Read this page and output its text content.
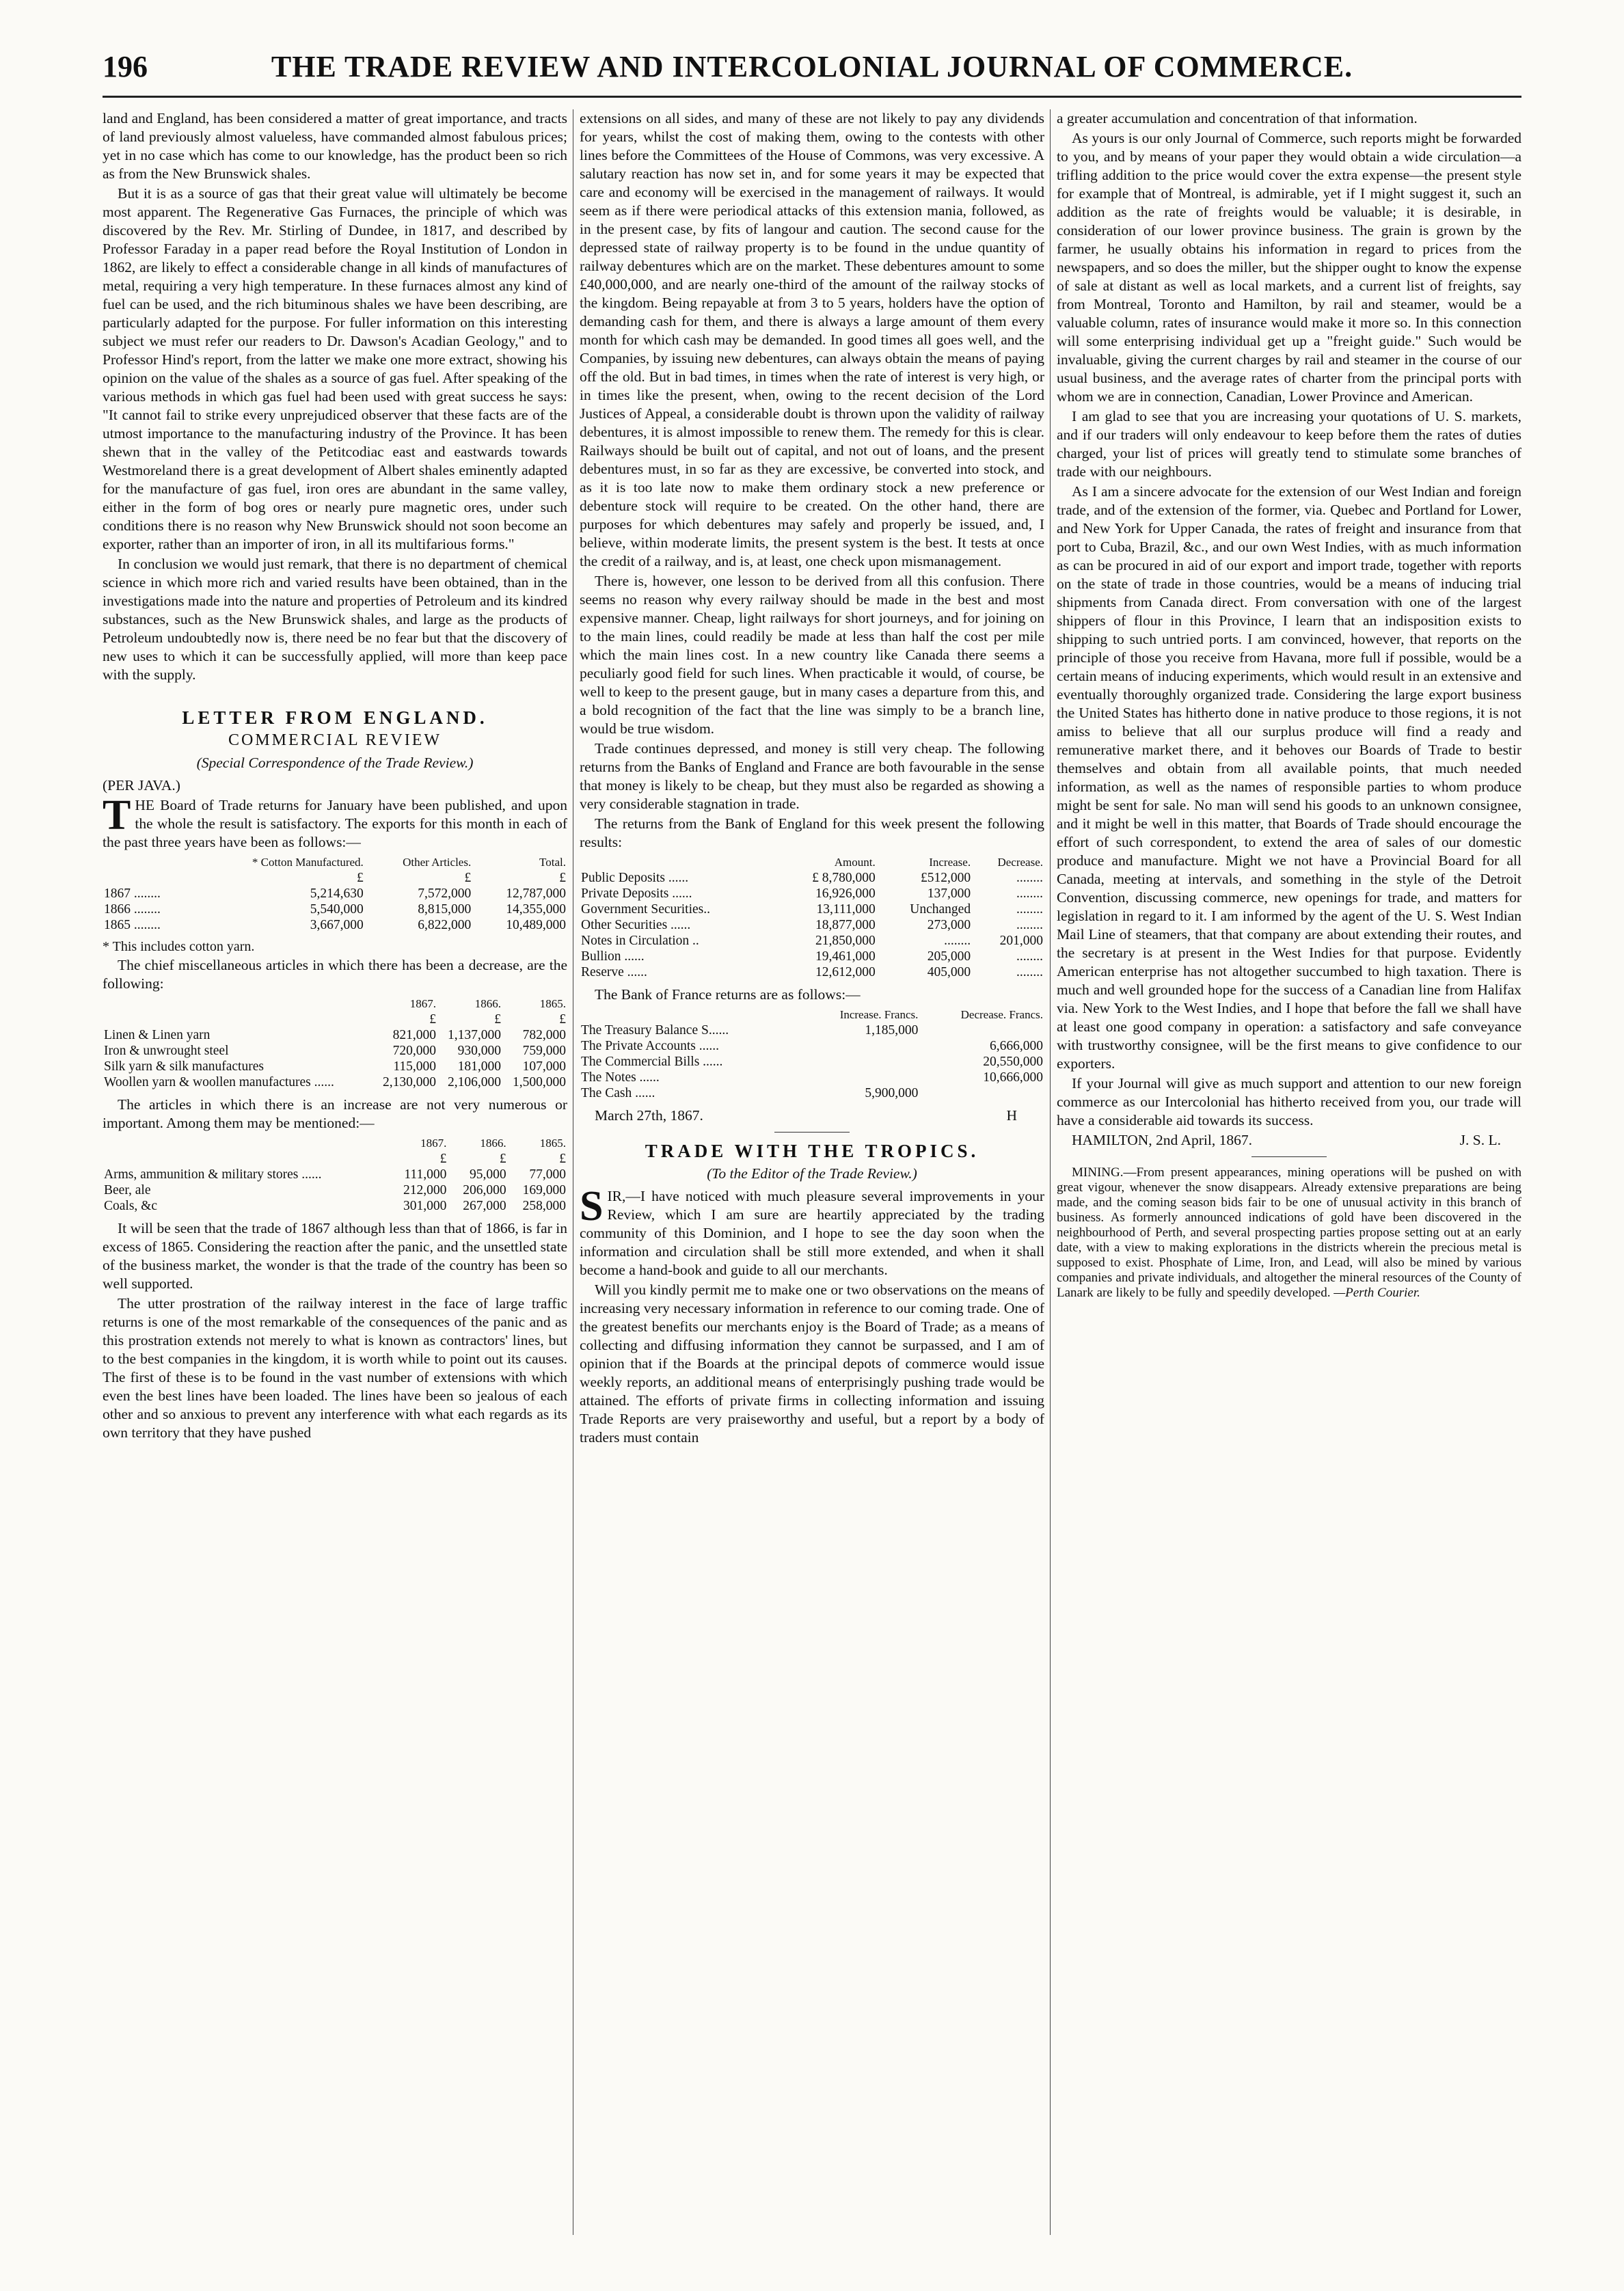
196	THE TRADE REVIEW AND INTERCOLONIAL JOURNAL OF COMMERCE.

land and England, has been considered a matter of great importance, and tracts of land previously almost valueless, have commanded almost fabulous prices; yet in no case which has come to our knowledge, has the product been so rich as from the New Brunswick shales.

But it is as a source of gas that their great value will ultimately be become most apparent. The Regenerative Gas Furnaces, the principle of which was discovered by the Rev. Mr. Stirling of Dundee, in 1817, and described by Professor Faraday in a paper read before the Royal Institution of London in 1862, are likely to effect a considerable change in all kinds of manufactures of metal, requiring a very high temperature. In these furnaces almost any kind of fuel can be used, and the rich bituminous shales we have been describing, are particularly adapted for the purpose. For fuller information on this interesting subject we must refer our readers to Dr. Dawson's Acadian Geology," and to Professor Hind's report, from the latter we make one more extract, showing his opinion on the value of the shales as a source of gas fuel. After speaking of the various methods in which gas fuel had been used with great success he says: "It cannot fail to strike every unprejudiced observer that these facts are of the utmost importance to the manufacturing industry of the Province. It has been shewn that in the valley of the Petitcodiac east and eastwards towards Westmoreland there is a great development of Albert shales eminently adapted for the manufacture of gas fuel, iron ores are abundant in the same valley, either in the form of bog ores or nearly pure magnetic ores, under such conditions there is no reason why New Brunswick should not soon become an exporter, rather than an importer of iron, in all its multifarious forms."

In conclusion we would just remark, that there is no department of chemical science in which more rich and varied results have been obtained, than in the investigations made into the nature and properties of Petroleum and its kindred substances, such as the New Brunswick shales, and large as the products of Petroleum undoubtedly now is, there need be no fear but that the discovery of new uses to which it can be successfully applied, will more than keep pace with the supply.

LETTER FROM ENGLAND.
COMMERCIAL REVIEW
(Special Correspondence of the Trade Review.)

(PER JAVA.)

THE Board of Trade returns for January have been published, and upon the whole the result is satisfactory. The exports for this month in each of the past three years have been as follows:—

	* Cotton Manufactured.	Other Articles.	Total.
	£	£	£
1867 ........	5,214,630	7,572,000	12,787,000
1866 ........	5,540,000	8,815,000	14,355,000
1865 ........	3,667,000	6,822,000	10,489,000

* This includes cotton yarn.

The chief miscellaneous articles in which there has been a decrease, are the following:

	1867.	1866.	1865.
	£	£	£
Linen & Linen yarn	821,000	1,137,000	782,000
Iron & unwrought steel	720,000	930,000	759,000
Silk yarn & silk manufactures	115,000	181,000	107,000
Woollen yarn & woollen manufactures ......	2,130,000	2,106,000	1,500,000

The articles in which there is an increase are not very numerous or important. Among them may be mentioned:—

	1867.	1866.	1865.
	£	£	£
Arms, ammunition & military stores ......	111,000	95,000	77,000
Beer, ale	212,000	206,000	169,000
Coals, &c	301,000	267,000	258,000

It will be seen that the trade of 1867 although less than that of 1866, is far in excess of 1865. Considering the reaction after the panic, and the unsettled state of the business market, the wonder is that the trade of the country has been so well supported.

The utter prostration of the railway interest in the face of large traffic returns is one of the most remarkable of the consequences of the panic and as this prostration extends not merely to what is known as contractors' lines, but to the best companies in the kingdom, it is worth while to point out its causes. The first of these is to be found in the vast number of extensions with which even the best lines have been loaded. The lines have been so jealous of each other and so anxious to prevent any interference with what each regards as its own territory that they have pushed

extensions on all sides, and many of these are not likely to pay any dividends for years, whilst the cost of making them, owing to the contests with other lines before the Committees of the House of Commons, was very excessive. A salutary reaction has now set in, and for some years it may be expected that care and economy will be exercised in the management of railways. It would seem as if there were periodical attacks of this extension mania, followed, as in the present case, by fits of langour and caution. The second cause for the depressed state of railway property is to be found in the undue quantity of railway debentures which are on the market. These debentures amount to some £40,000,000, and are nearly one-third of the amount of the railway stocks of the kingdom. Being repayable at from 3 to 5 years, holders have the option of demanding cash for them, and there is always a large amount of them every month for which cash may be demanded. In good times all goes well, and the Companies, by issuing new debentures, can always obtain the means of paying off the old. But in bad times, in times when the rate of interest is very high, or in times like the present, when, owing to the recent decision of the Lord Justices of Appeal, a considerable doubt is thrown upon the validity of railway debentures, it is almost impossible to renew them. The remedy for this is clear. Railways should be built out of capital, and not out of loans, and the present debentures must, in so far as they are excessive, be converted into stock, and as it is too late now to make them ordinary stock a new preference or debenture stock will require to be created. On the other hand, there are purposes for which debentures may safely and properly be issued, and, I believe, within moderate limits, the present system is the best. It tests at once the credit of a railway, and is, at least, one check upon mismanagement.

There is, however, one lesson to be derived from all this confusion. There seems no reason why every railway should be made in the best and most expensive manner. Cheap, light railways for short journeys, and for joining on to the main lines, could readily be made at less than half the cost per mile which the main lines cost. In a new country like Canada there seems a peculiarly good field for such lines. When practicable it would, of course, be well to keep to the present gauge, but in many cases a departure from this, and a bold recognition of the fact that the line was simply to be a branch line, would be true wisdom.

Trade continues depressed, and money is still very cheap. The following returns from the Banks of England and France are both favourable in the sense that money is likely to be cheap, but they must also be regarded as showing a very considerable stagnation in trade.

The returns from the Bank of England for this week present the following results:

	Amount.	Increase.	Decrease.
Public Deposits ......	£ 8,780,000	£512,000	........
Private Deposits ......	16,926,000	137,000	........
Government Securities..	13,111,000	Unchanged	........
Other Securities ......	18,877,000	273,000	........
Notes in Circulation ..	21,850,000	........	201,000
Bullion ......	19,461,000	205,000	........
Reserve ......	12,612,000	405,000	........

The Bank of France returns are as follows:—

	Increase. Francs.	Decrease. Francs.
The Treasury Balance S......	1,185,000	
The Private Accounts ......		6,666,000
The Commercial Bills ......		20,550,000
The Notes ......		10,666,000
The Cash ......	5,900,000	

March 27th, 1867.	H

TRADE WITH THE TROPICS.
(To the Editor of the Trade Review.)

SIR,—I have noticed with much pleasure several improvements in your Review, which I am sure are heartily appreciated by the trading community of this Dominion, and I hope to see the day soon when the information and circulation shall be still more extended, and when it shall become a hand-book and guide to all our merchants.

Will you kindly permit me to make one or two observations on the means of increasing very necessary information in reference to our coming trade. One of the greatest benefits our merchants enjoy is the Board of Trade; as a means of collecting and diffusing information they cannot be surpassed, and I am of opinion that if the Boards at the principal depots of commerce would issue weekly reports, an additional means of enterprisingly pushing trade would be attained. The efforts of private firms in collecting information and issuing Trade Reports are very praiseworthy and useful, but a report by a body of traders must contain

a greater accumulation and concentration of that information.

As yours is our only Journal of Commerce, such reports might be forwarded to you, and by means of your paper they would obtain a wide circulation—a trifling addition to the price would cover the extra expense—the present style for example that of Montreal, is admirable, yet if I might suggest it, such an addition as the rate of freights would be valuable; it is desirable, in consideration of our lower province business. The grain is grown by the farmer, he usually obtains his information in regard to prices from the newspapers, and so does the miller, but the shipper ought to know the expense of sale at distant as well as local markets, and a current list of freights, say from Montreal, Toronto and Hamilton, by rail and steamer, would be a valuable column, rates of insurance would make it more so. In this connection will some enterprising individual get up a "freight guide." Such would be invaluable, giving the current charges by rail and steamer in the course of our usual business, and the average rates of charter from the principal ports with whom we are in connection, Canadian, Lower Province and American.

I am glad to see that you are increasing your quotations of U. S. markets, and if our traders will only endeavour to keep before them the rates of duties charged, your list of prices will greatly tend to stimulate some branches of trade with our neighbours.

As I am a sincere advocate for the extension of our West Indian and foreign trade, and of the extension of the former, via. Quebec and Portland for Lower, and New York for Upper Canada, the rates of freight and insurance from that port to Cuba, Brazil, &c., and our own West Indies, with as much information as can be procured in aid of our export and import trade, together with reports on the state of trade in those countries, would be a means of inducing trial shipments from Canada direct. From conversation with one of the largest shippers of flour in this Province, I learn that an indisposition exists to shipping to such untried ports. I am convinced, however, that reports on the principle of those you receive from Havana, more full if possible, would be a certain means of inducing experiments, which would result in an extensive and eventually thoroughly organized trade. Considering the large export business the United States has hitherto done in native produce to those regions, it is not amiss to believe that all our surplus produce will find a ready and remunerative market there, and it behoves our Boards of Trade to bestir themselves and obtain from all available points, that much needed information, as well as the names of responsible parties to whom produce might be sent for sale. No man will send his goods to an unknown consignee, and it might be well in this matter, that Boards of Trade should encourage the effort of such correspondent, to extend the area of sales of our domestic produce and manufacture. Might we not have a Provincial Board for all Canada, meeting at intervals, and something in the style of the Detroit Convention, discussing commerce, new openings for trade, and matters for legislation in regard to it. I am informed by the agent of the U. S. West Indian Mail Line of steamers, that that company are about extending their routes, and the secretary is at present in the West Indies for that purpose. Evidently American enterprise has not altogether succumbed to high taxation. There is much and well grounded hope for the success of a Canadian line from Halifax via. New York to the West Indies, and I hope that before the fall we shall have at least one good company in operation: a satisfactory and safe conveyance with trustworthy consignee, will be the first means to give confidence to our exporters.

If your Journal will give as much support and attention to our new foreign commerce as our Intercolonial has hitherto received from you, our trade will have a considerable aid towards its success.

HAMILTON, 2nd April, 1867.	J. S. L.

MINING.—From present appearances, mining operations will be pushed on with great vigour, whenever the snow disappears. Already extensive preparations are being made, and the coming season bids fair to be one of unusual activity in this branch of business. As formerly announced indications of gold have been discovered in the neighbourhood of Perth, and several prospecting parties propose setting out at an early date, with a view to making explorations in the districts wherein the precious metal is supposed to exist. Phosphate of Lime, Iron, and Lead, will also be mined by various companies and private individuals, and altogether the mineral resources of the County of Lanark are likely to be fully and speedily developed. —Perth Courier.
